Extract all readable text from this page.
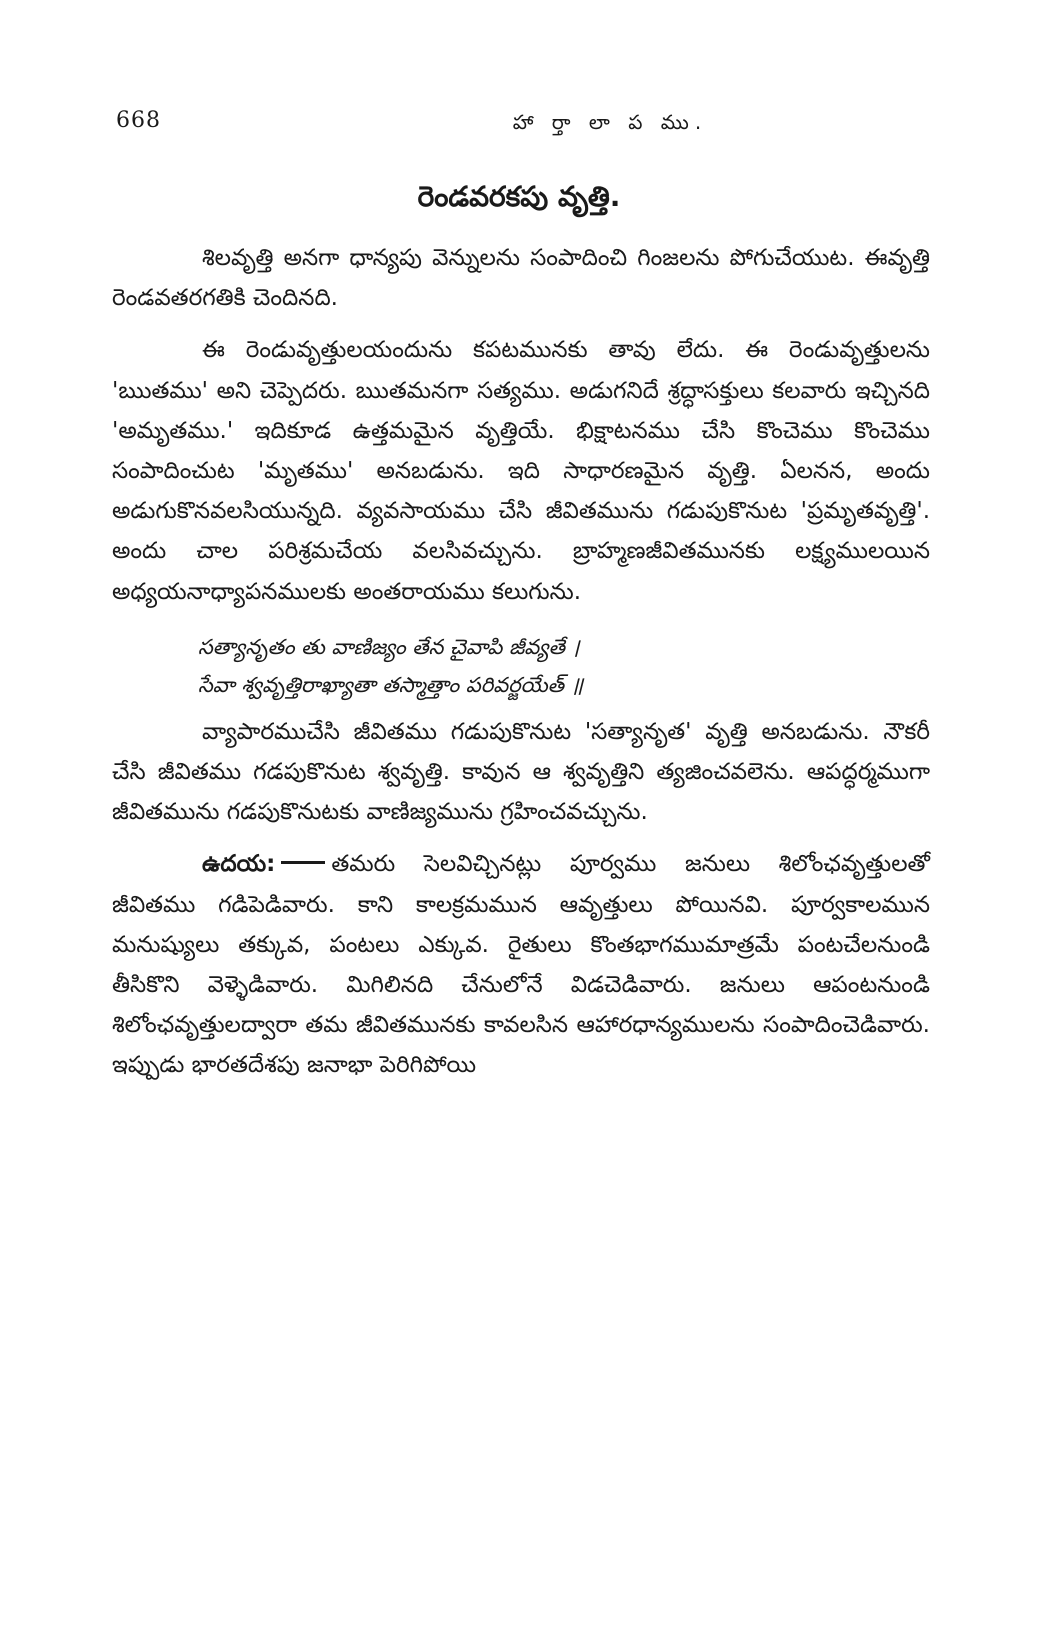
668	హా ర్తా లా ప ము.
రెండవరకపు వృత్తి.

శిలవృత్తి అనగా ధాన్యపు వెన్నులను సంపాదించి గింజలను పోగుచేయుట. ఈవృత్తి రెండవతరగతికి చెందినది.

ఈ రెండువృత్తులయందును కపటమునకు తావు లేదు. ఈ రెండువృత్తులను 'ఋతము' అని చెప్పెదరు. ఋతమనగా సత్యము. అడుగనిదే శ్రద్ధాసక్తులు కలవారు ఇచ్చినది 'అమృతము.' ఇదికూడ ఉత్తమమైన వృత్తియే. భిక్షాటనము చేసి కొంచెము కొంచెము సంపాదించుట 'మృతము' అనబడును. ఇది సాధారణమైన వృత్తి. ఏలనన, అందు అడుగుకొనవలసియున్నది. వ్యవసాయము చేసి జీవితమును గడుపుకొనుట 'ప్రమృతవృత్తి'. అందు చాల పరిశ్రమచేయ వలసివచ్చును. బ్రాహ్మణజీవితమునకు లక్ష్యములయిన అధ్యయనాధ్యాపనములకు అంతరాయము కలుగును.

సత్యానృతం తు వాణిజ్యం తేన చైవాపి జీవ్యతే ।
సేవా శ్వవృత్తిరాఖ్యాతా తస్మాత్తాం పరివర్జయేత్ ॥

వ్యాపారముచేసి జీవితము గడుపుకొనుట 'సత్యానృత' వృత్తి అనబడును. నౌకరీ చేసి జీవితము గడపుకొనుట శ్వవృత్తి. కావున ఆ శ్వవృత్తిని త్యజించవలెను. ఆపద్ధర్మముగా జీవితమును గడపుకొనుటకు వాణిజ్యమును గ్రహించవచ్చును.

ఉదయ: తమరు సెలవిచ్చినట్లు పూర్వము జనులు శిలోంఛవృత్తులతో జీవితము గడిపెడివారు. కాని కాలక్రమమున ఆవృత్తులు పోయినవి. పూర్వకాలమున మనుష్యులు తక్కువ, పంటలు ఎక్కువ. రైతులు కొంతభాగముమాత్రమే పంటచేలనుండి తీసికొని వెళ్ళెడివారు. మిగిలినది చేనులోనే విడచెడివారు. జనులు ఆపంటనుండి శిలోంఛవృత్తులద్వారా తమ జీవితమునకు కావలసిన ఆహారధాన్యములను సంపాదించెడివారు. ఇప్పుడు భారతదేశపు జనాభా పెరిగిపోయి
